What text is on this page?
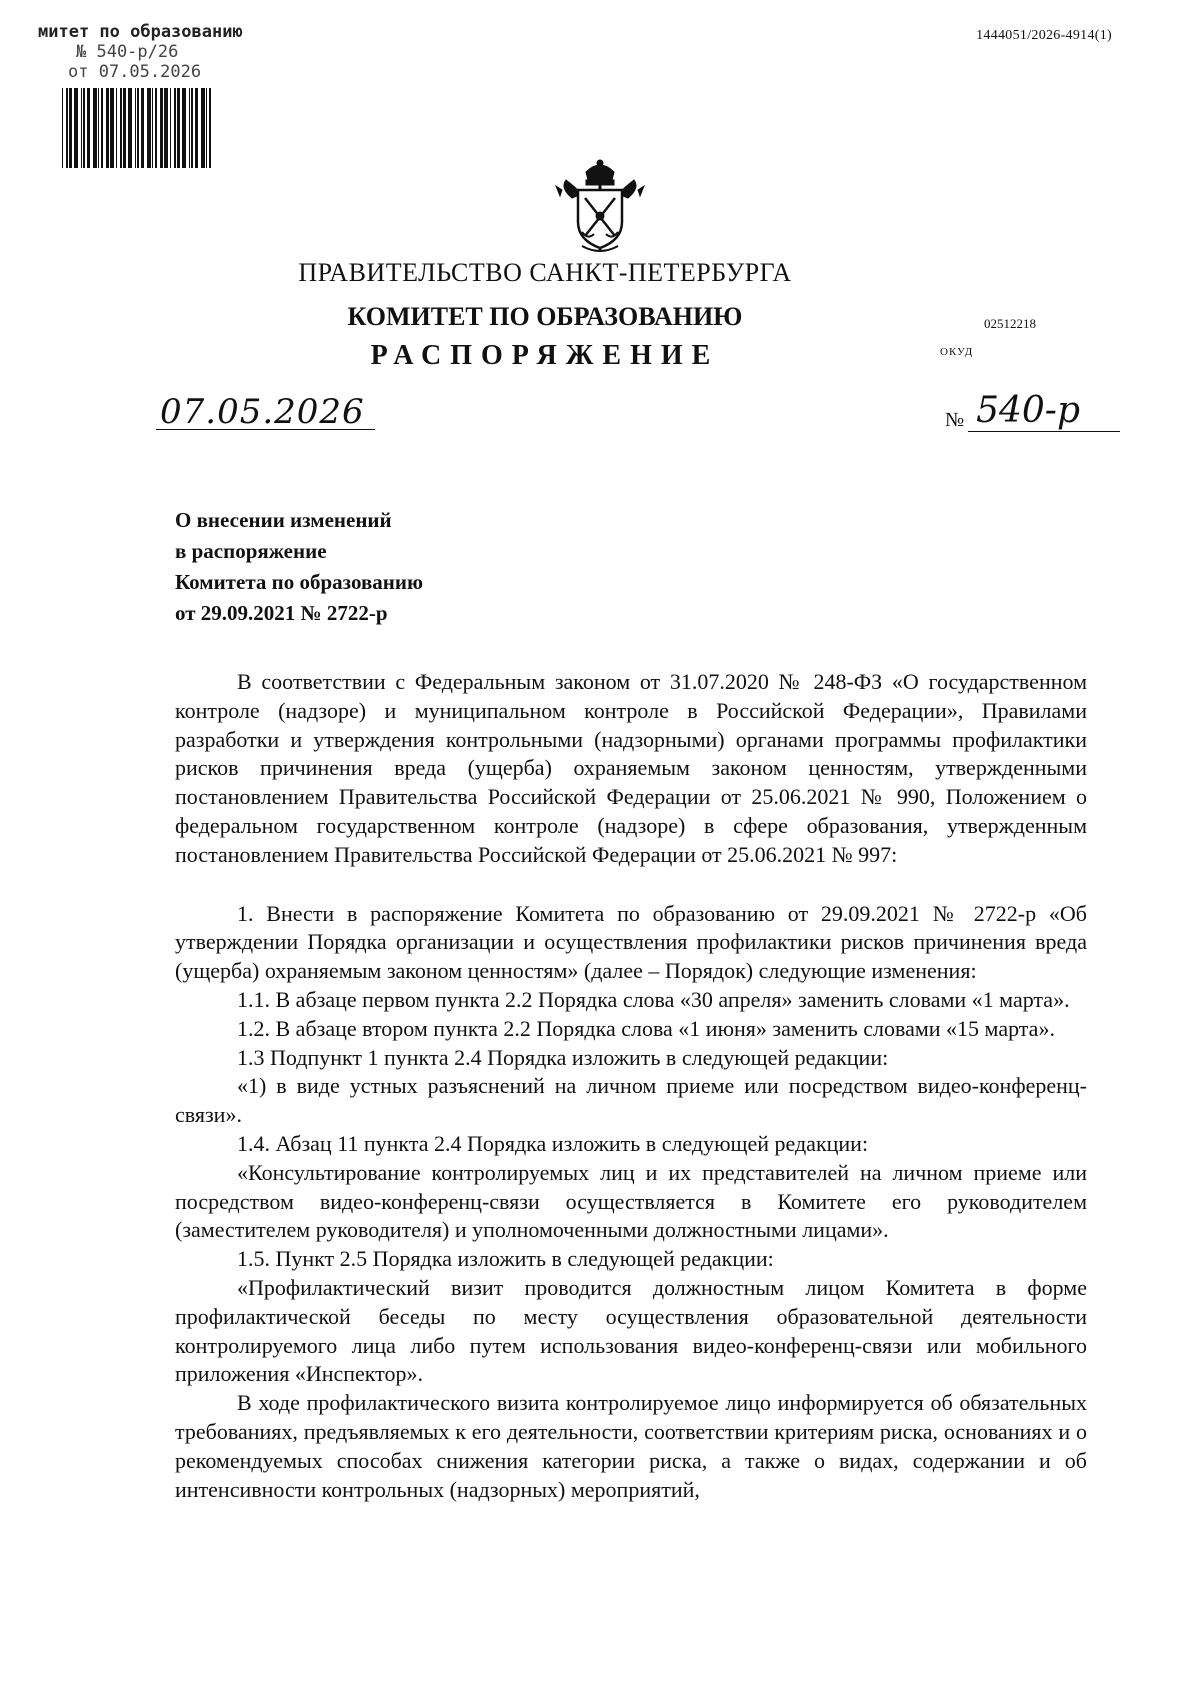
митет по образованию
№ 540-р/26
от 07.05.2026
1444051/2026-4914(1)
ПРАВИТЕЛЬСТВО САНКТ-ПЕТЕРБУРГА
КОМИТЕТ ПО ОБРАЗОВАНИЮ
РАСПОРЯЖЕНИЕ
02512218
ОКУД
07.05.2026	№ 540-р
О внесении изменений
в распоряжение
Комитета по образованию
от 29.09.2021 № 2722-р

В соответствии с Федеральным законом от 31.07.2020 № 248-ФЗ «О государственном контроле (надзоре) и муниципальном контроле в Российской Федерации», Правилами разработки и утверждения контрольными (надзорными) органами программы профилактики рисков причинения вреда (ущерба) охраняемым законом ценностям, утвержденными постановлением Правительства Российской Федерации от 25.06.2021 № 990, Положением о федеральном государственном контроле (надзоре) в сфере образования, утвержденным постановлением Правительства Российской Федерации от 25.06.2021 № 997:

1. Внести в распоряжение Комитета по образованию от 29.09.2021 № 2722-р «Об утверждении Порядка организации и осуществления профилактики рисков причинения вреда (ущерба) охраняемым законом ценностям» (далее – Порядок) следующие изменения:

1.1. В абзаце первом пункта 2.2 Порядка слова «30 апреля» заменить словами «1 марта».

1.2. В абзаце втором пункта 2.2 Порядка слова «1 июня» заменить словами «15 марта».

1.3 Подпункт 1 пункта 2.4 Порядка изложить в следующей редакции:

«1) в виде устных разъяснений на личном приеме или посредством видео-конференц-связи».

1.4. Абзац 11 пункта 2.4 Порядка изложить в следующей редакции:

«Консультирование контролируемых лиц и их представителей на личном приеме или посредством видео-конференц-связи осуществляется в Комитете его руководителем (заместителем руководителя) и уполномоченными должностными лицами».

1.5. Пункт 2.5 Порядка изложить в следующей редакции:

«Профилактический визит проводится должностным лицом Комитета в форме профилактической беседы по месту осуществления образовательной деятельности контролируемого лица либо путем использования видео-конференц-связи или мобильного приложения «Инспектор».

В ходе профилактического визита контролируемое лицо информируется об обязательных требованиях, предъявляемых к его деятельности, соответствии критериям риска, основаниях и о рекомендуемых способах снижения категории риска, а также о видах, содержании и об интенсивности контрольных (надзорных) мероприятий,
